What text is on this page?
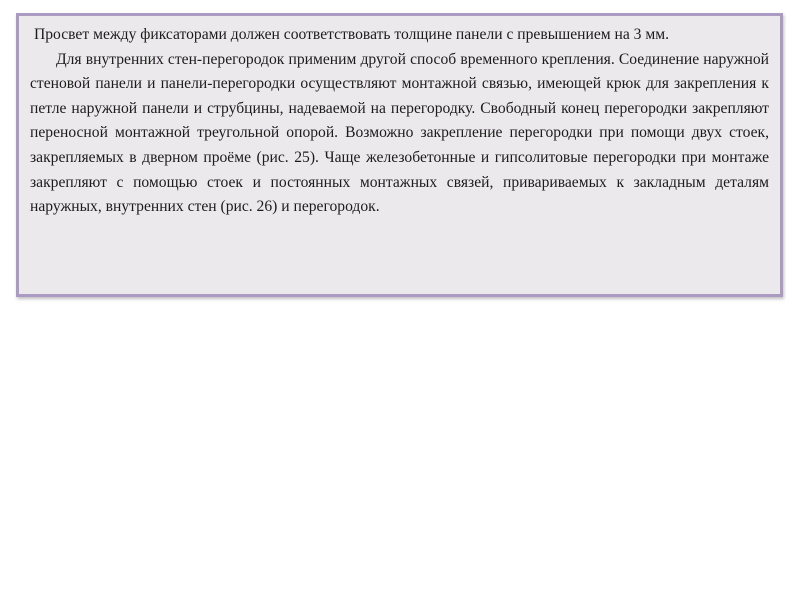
Просвет между фиксаторами должен соответствовать толщине панели с превышением на 3 мм.

Для внутренних стен-перегородок применим другой способ временного крепления. Соединение наружной стеновой панели и панели-перегородки осуществляют монтажной связью, имеющей крюк для закрепления к петле наружной панели и струбцины, надеваемой на перегородку. Свободный конец перегородки закрепляют переносной монтажной треугольной опорой. Возможно закрепление перегородки при помощи двух стоек, закрепляемых в дверном проёме (рис. 25). Чаще железобетонные и гипсолитовые перегородки при монтаже закрепляют с помощью стоек и постоянных монтажных связей, привариваемых к закладным деталям наружных, внутренних стен (рис. 26) и перегородок.
